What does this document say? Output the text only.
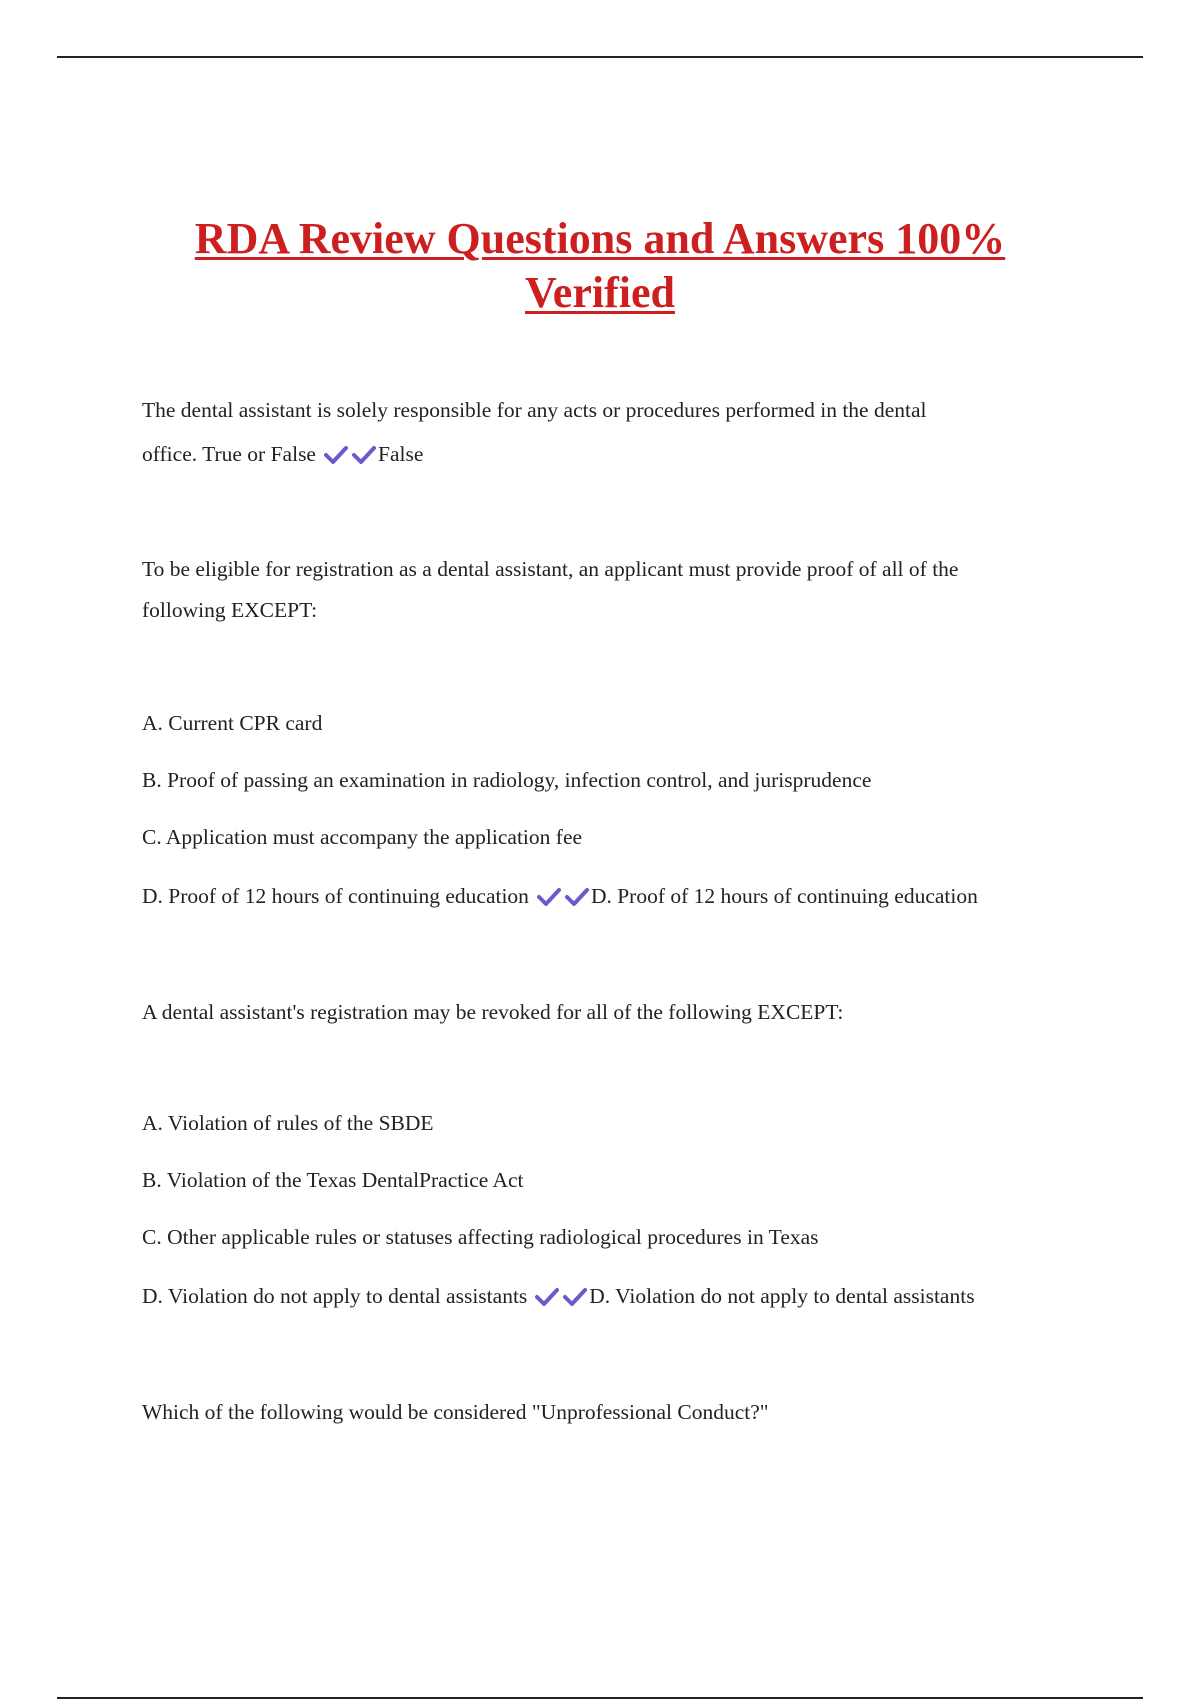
RDA Review Questions and Answers 100%
Verified
The dental assistant is solely responsible for any acts or procedures performed in the dental
office. True or False	False
To be eligible for registration as a dental assistant, an applicant must provide proof of all of the
following EXCEPT:
A. Current CPR card
B. Proof of passing an examination in radiology, infection control, and jurisprudence
C. Application must accompany the application fee
D. Proof of 12 hours of continuing education	D. Proof of 12 hours of continuing education
A dental assistant's registration may be revoked for all of the following EXCEPT:
A. Violation of rules of the SBDE
B. Violation of the Texas DentalPractice Act
C. Other applicable rules or statuses affecting radiological procedures in Texas
D. Violation do not apply to dental assistants	D. Violation do not apply to dental assistants
Which of the following would be considered "Unprofessional Conduct?"
